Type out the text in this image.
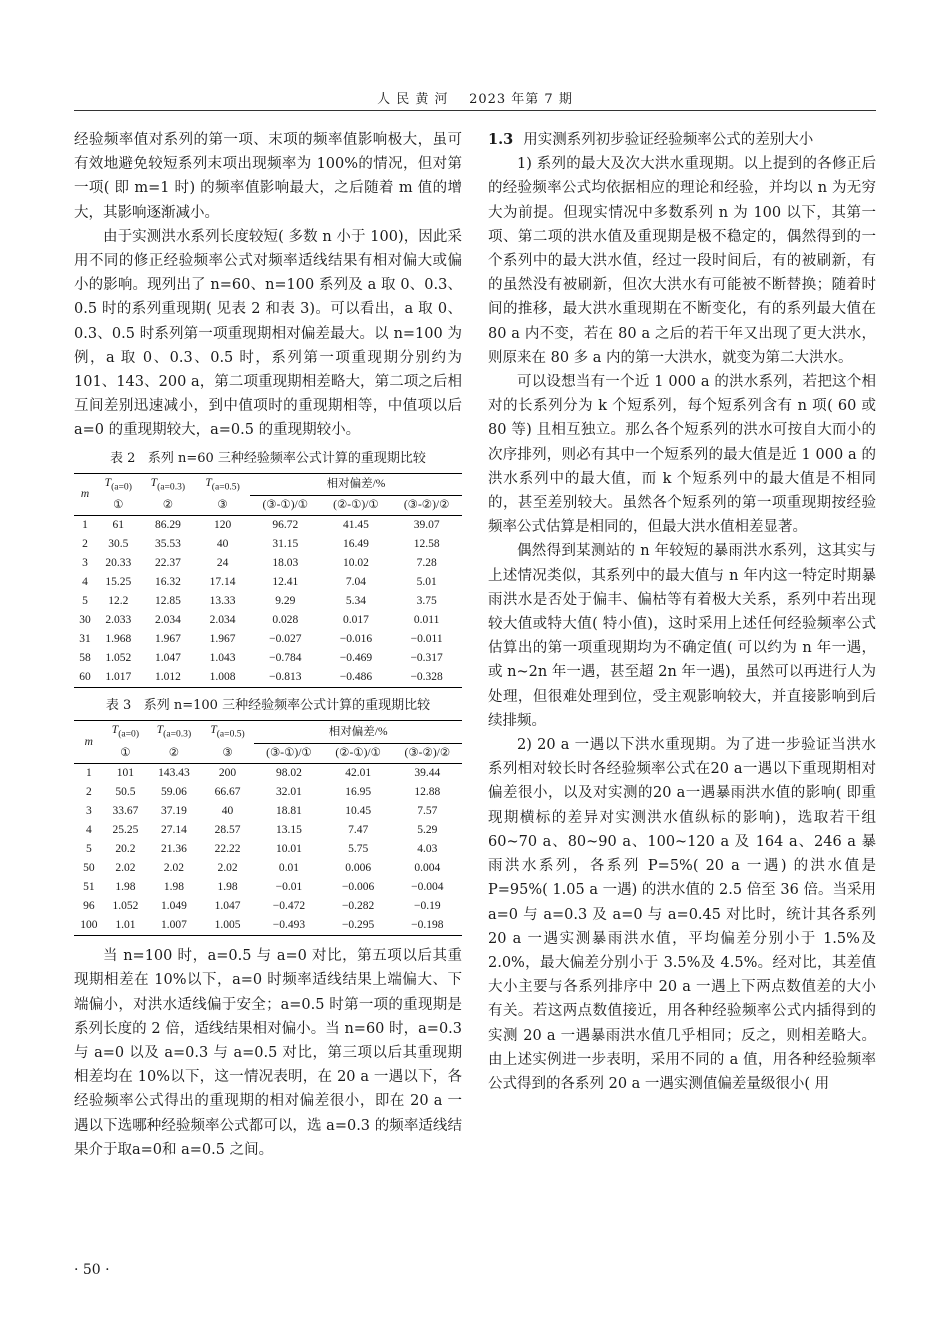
人 民 黄 河 2023 年第 7 期

经验频率值对系列的第一项、末项的频率值影响极大，虽可有效地避免较短系列末项出现频率为 100%的情况，但对第一项( 即 m=1 时) 的频率值影响最大，之后随着 m 值的增大，其影响逐渐减小。

由于实测洪水系列长度较短( 多数 n 小于 100)，因此采用不同的修正经验频率公式对频率适线结果有相对偏大或偏小的影响。现列出了 n=60、n=100 系列及 a 取 0、0.3、0.5 时的系列重现期( 见表 2 和表 3)。可以看出，a 取 0、0.3、0.5 时系列第一项重现期相对偏差最大。以 n=100 为例，a 取 0、0.3、0.5 时，系列第一项重现期分别约为 101、143、200 a，第二项重现期相差略大，第二项之后相互间差别迅速减小，到中值项时的重现期相等，中值项以后 a=0 的重现期较大，a=0.5 的重现期较小。

表 2 系列 n=60 三种经验频率公式计算的重现期比较
m	$T_{(a=0)}$	$T_{(a=0.3)}$	$T_{(a=0.5)}$	相对偏差/%		
	①	②	③	(③-①)/①	(②-①)/①	(③-②)/②
1	61	86.29	120	96.72	41.45	39.07
2	30.5	35.53	40	31.15	16.49	12.58
3	20.33	22.37	24	18.03	10.02	7.28
4	15.25	16.32	17.14	12.41	7.04	5.01
5	12.2	12.85	13.33	9.29	5.34	3.75
30	2.033	2.034	2.034	0.028	0.017	0.011
31	1.968	1.967	1.967	−0.027	−0.016	−0.011
58	1.052	1.047	1.043	−0.784	−0.469	−0.317
60	1.017	1.012	1.008	−0.813	−0.486	−0.328
表 3 系列 n=100 三种经验频率公式计算的重现期比较
m	$T_{(a=0)}$	$T_{(a=0.3)}$	$T_{(a=0.5)}$	相对偏差/%		
	①	②	③	(③-①)/①	(②-①)/①	(③-②)/②
1	101	143.43	200	98.02	42.01	39.44
2	50.5	59.06	66.67	32.01	16.95	12.88
3	33.67	37.19	40	18.81	10.45	7.57
4	25.25	27.14	28.57	13.15	7.47	5.29
5	20.2	21.36	22.22	10.01	5.75	4.03
50	2.02	2.02	2.02	0.01	0.006	0.004
51	1.98	1.98	1.98	−0.01	−0.006	−0.004
96	1.052	1.049	1.047	−0.472	−0.282	−0.19
100	1.01	1.007	1.005	−0.493	−0.295	−0.198

当 n=100 时，a=0.5 与 a=0 对比，第五项以后其重现期相差在 10%以下，a=0 时频率适线结果上端偏大、下端偏小，对洪水适线偏于安全；a=0.5 时第一项的重现期是系列长度的 2 倍，适线结果相对偏小。当 n=60 时，a=0.3 与 a=0 以及 a=0.3 与 a=0.5 对比，第三项以后其重现期相差均在 10%以下，这一情况表明，在 20 a 一遇以下，各经验频率公式得出的重现期的相对偏差很小，即在 20 a 一遇以下选哪种经验频率公式都可以，选 a=0.3 的频率适线结果介于取a=0和 a=0.5 之间。

1.3 用实测系列初步验证经验频率公式的差别大小

1) 系列的最大及次大洪水重现期。以上提到的各修正后的经验频率公式均依据相应的理论和经验，并均以 n 为无穷大为前提。但现实情况中多数系列 n 为 100 以下，其第一项、第二项的洪水值及重现期是极不稳定的，偶然得到的一个系列中的最大洪水值，经过一段时间后，有的被刷新，有的虽然没有被刷新，但次大洪水有可能被不断替换；随着时间的推移，最大洪水重现期在不断变化，有的系列最大值在 80 a 内不变，若在 80 a 之后的若干年又出现了更大洪水，则原来在 80 多 a 内的第一大洪水，就变为第二大洪水。

可以设想当有一个近 1 000 a 的洪水系列，若把这个相对的长系列分为 k 个短系列，每个短系列含有 n 项( 60 或 80 等) 且相互独立。那么各个短系列的洪水可按自大而小的次序排列，则必有其中一个短系列的最大值是近 1 000 a 的洪水系列中的最大值，而 k 个短系列中的最大值是不相同的，甚至差别较大。虽然各个短系列的第一项重现期按经验频率公式估算是相同的，但最大洪水值相差显著。

偶然得到某测站的 n 年较短的暴雨洪水系列，这其实与上述情况类似，其系列中的最大值与 n 年内这一特定时期暴雨洪水是否处于偏丰、偏枯等有着极大关系，系列中若出现较大值或特大值( 特小值)，这时采用上述任何经验频率公式估算出的第一项重现期均为不确定值( 可以约为 n 年一遇，或 n~2n 年一遇，甚至超 2n 年一遇)，虽然可以再进行人为处理，但很难处理到位，受主观影响较大，并直接影响到后续排频。

2) 20 a 一遇以下洪水重现期。为了进一步验证当洪水系列相对较长时各经验频率公式在20 a一遇以下重现期相对偏差很小，以及对实测的20 a一遇暴雨洪水值的影响( 即重现期横标的差异对实测洪水值纵标的影响)，选取若干组 60~70 a、80~90 a、100~120 a 及 164 a、246 a 暴雨洪水系列，各系列 P=5%( 20 a 一遇) 的洪水值是 P=95%( 1.05 a 一遇) 的洪水值的 2.5 倍至 36 倍。当采用 a=0 与 a=0.3 及 a=0 与 a=0.45 对比时，统计其各系列 20 a 一遇实测暴雨洪水值，平均偏差分别小于 1.5%及 2.0%，最大偏差分别小于 3.5%及 4.5%。经对比，其差值大小主要与各系列排序中 20 a 一遇上下两点数值差的大小有关。若这两点数值接近，用各种经验频率公式内插得到的实测 20 a 一遇暴雨洪水值几乎相同；反之，则相差略大。由上述实例进一步表明，采用不同的 a 值，用各种经验频率公式得到的各系列 20 a 一遇实测值偏差量级很小( 用

· 50 ·
